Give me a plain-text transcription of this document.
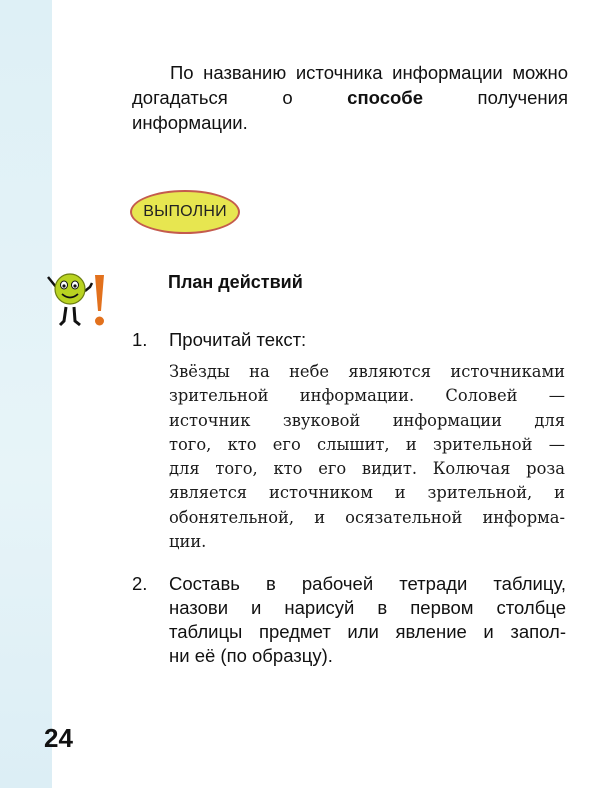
По названию источника информации можно догадаться о способе получения
информации.

ВЫПОЛНИ
План действий
1. Прочитай текст:
Звёзды на небе являются источниками
зрительной информации. Соловей —
источник звуковой информации для
того, кто его слышит, и зрительной —
для того, кто его видит. Колючая роза
является источником и зрительной, и
обонятельной, и осязательной информа-
ции.
2. Составь в рабочей тетради таблицу,
назови и нарисуй в первом столбце
таблицы предмет или явление и запол-
ни её (по образцу).
24
